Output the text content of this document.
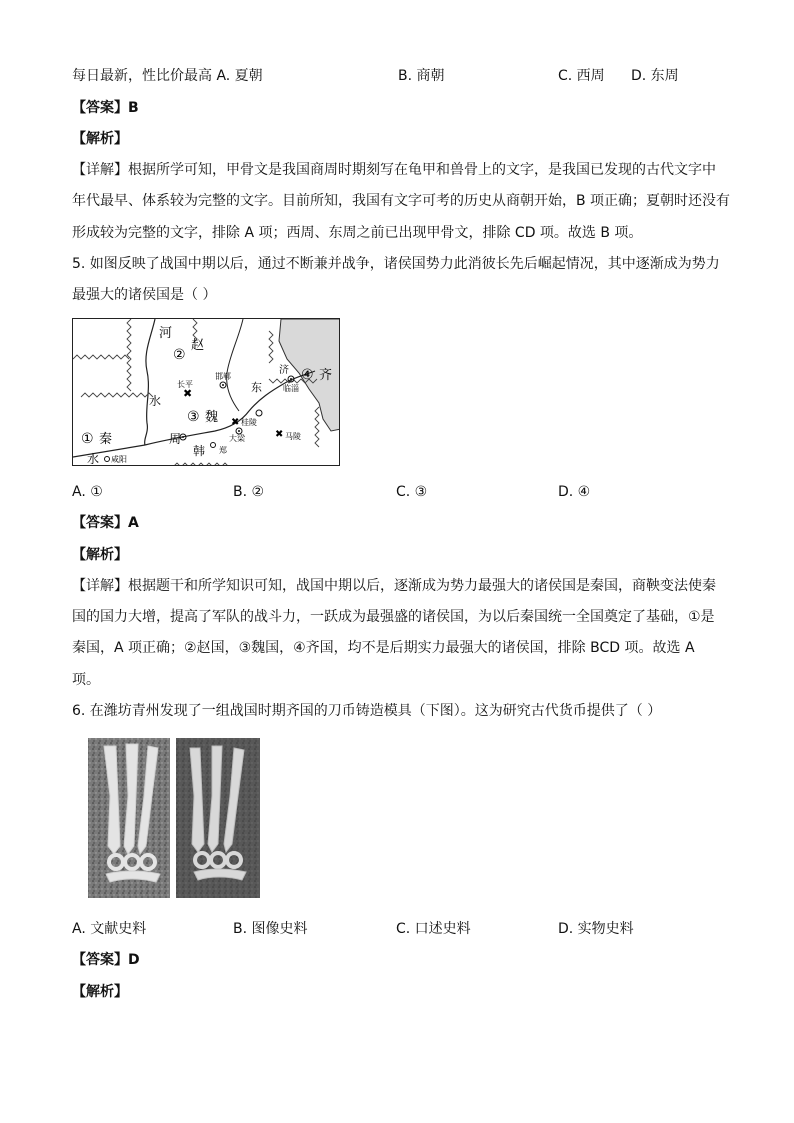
每日最新，性比价最高 A. 夏朝	B. 商朝	C. 西周 D. 东周
【答案】B
【解析】
【详解】根据所学可知，甲骨文是我国商周时期刻写在龟甲和兽骨上的文字，是我国已发现的古代文字中
年代最早、体系较为完整的文字。目前所知，我国有文字可考的历史从商朝开始，B 项正确；夏朝时还没有
形成较为完整的文字，排除 A 项；西周、东周之前已出现甲骨文，排除 CD 项。故选 B 项。
5. 如图反映了战国中期以后，通过不断兼并战争，诸侯国势力此消彼长先后崛起情况，其中逐渐成为势力
最强大的诸侯国是（ ）
✖
✖
✖
河
赵
②
长平
邯郸
水
东
济 ④ 齐
临淄
③ 魏	桂陵
马陵
① 秦	周	大梁
韩 郑
水 咸阳
A. ①	B. ②	C. ③	D. ④
【答案】A
【解析】
【详解】根据题干和所学知识可知，战国中期以后，逐渐成为势力最强大的诸侯国是秦国，商鞅变法使秦
国的国力大增，提高了军队的战斗力，一跃成为最强盛的诸侯国，为以后秦国统一全国奠定了基础，①是
秦国，A 项正确；②赵国，③魏国，④齐国，均不是后期实力最强大的诸侯国，排除 BCD 项。故选 A
项。
6. 在潍坊青州发现了一组战国时期齐国的刀币铸造模具（下图）。这为研究古代货币提供了（ ）
A. 文献史料	B. 图像史料	C. 口述史料	D. 实物史料
【答案】D
【解析】
